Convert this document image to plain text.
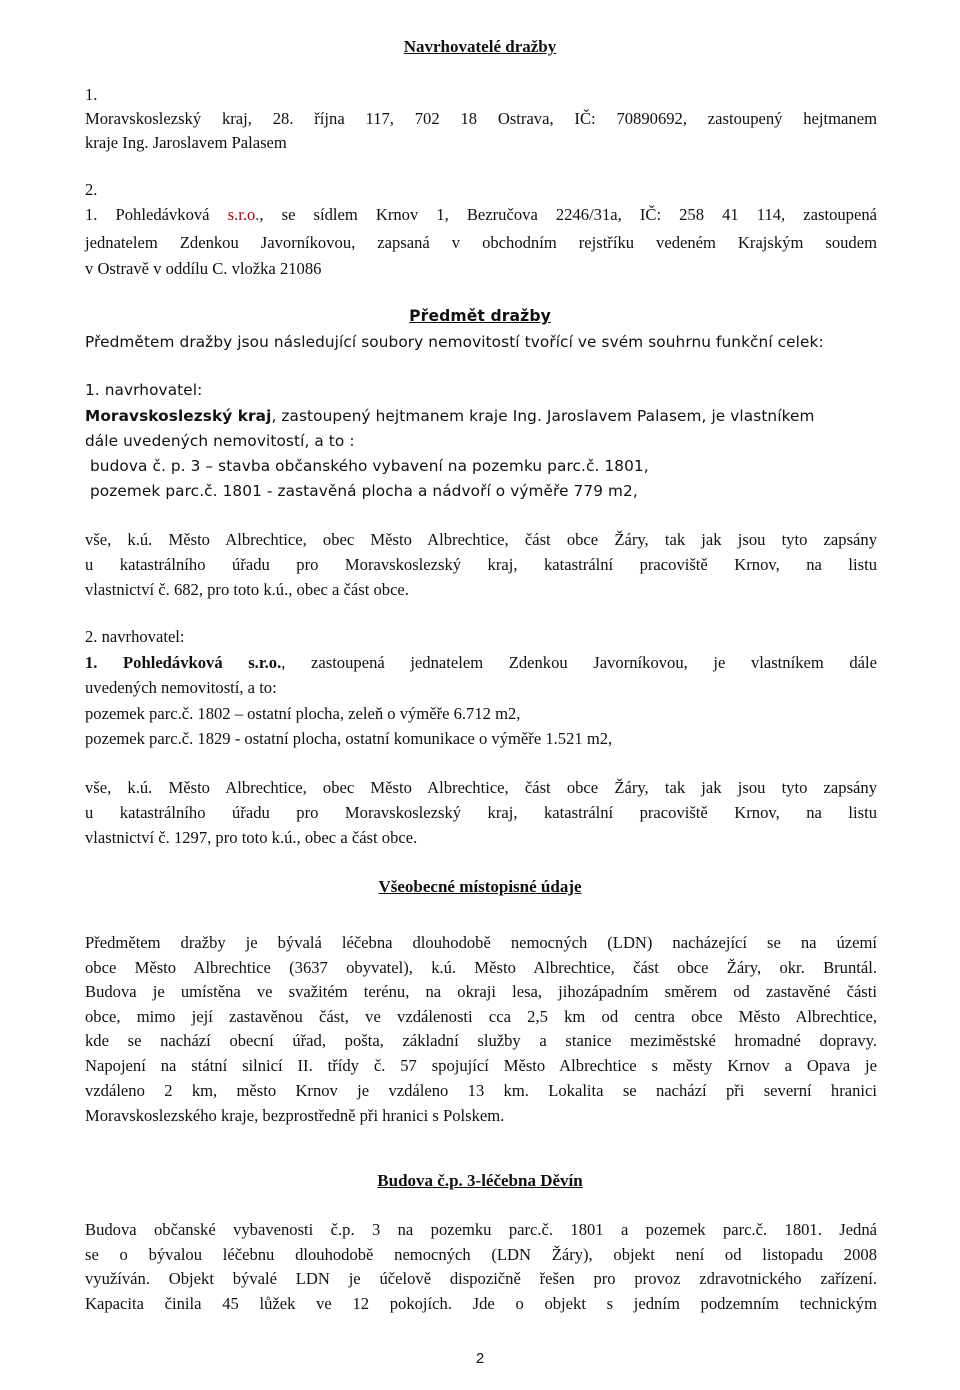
Navrhovatelé dražby
1.
Moravskoslezský kraj, 28. října 117, 702 18 Ostrava, IČ: 70890692, zastoupený hejtmanem
kraje Ing. Jaroslavem Palasem
2.
1. Pohledávková s.r.o., se sídlem Krnov 1, Bezručova 2246/31a, IČ: 258 41 114, zastoupená
jednatelem Zdenkou Javorníkovou, zapsaná v obchodním rejstříku vedeném Krajským soudem
v Ostravě v oddílu C. vložka 21086
Předmět dražby
Předmětem dražby jsou následující soubory nemovitostí tvořící ve svém souhrnu funkční celek:
1. navrhovatel:
Moravskoslezský kraj, zastoupený hejtmanem kraje Ing. Jaroslavem Palasem, je vlastníkem
dále uvedených nemovitostí, a to :
budova č. p. 3 – stavba občanského vybavení na pozemku parc.č. 1801,
pozemek parc.č. 1801 - zastavěná plocha a nádvoří o výměře 779 m2,
vše, k.ú. Město Albrechtice, obec Město Albrechtice, část obce Žáry, tak jak jsou tyto zapsány
u katastrálního úřadu pro Moravskoslezský kraj, katastrální pracoviště Krnov, na listu
vlastnictví č. 682, pro toto k.ú., obec a část obce.
2. navrhovatel:
1. Pohledávková s.r.o., zastoupená jednatelem Zdenkou Javorníkovou, je vlastníkem dále
uvedených nemovitostí, a to:
pozemek parc.č. 1802 – ostatní plocha, zeleň o výměře 6.712 m2,
pozemek parc.č. 1829 - ostatní plocha, ostatní komunikace o výměře 1.521 m2,
vše, k.ú. Město Albrechtice, obec Město Albrechtice, část obce Žáry, tak jak jsou tyto zapsány
u katastrálního úřadu pro Moravskoslezský kraj, katastrální pracoviště Krnov, na listu
vlastnictví č. 1297, pro toto k.ú., obec a část obce.
Všeobecné místopisné údaje
Předmětem dražby je bývalá léčebna dlouhodobě nemocných (LDN) nacházející se na území
obce Město Albrechtice (3637 obyvatel), k.ú. Město Albrechtice, část obce Žáry, okr. Bruntál.
Budova je umístěna ve svažitém terénu, na okraji lesa, jihozápadním směrem od zastavěné části
obce, mimo její zastavěnou část, ve vzdálenosti cca 2,5 km od centra obce Město Albrechtice,
kde se nachází obecní úřad, pošta, základní služby a stanice meziměstské hromadné dopravy.
Napojení na státní silnicí II. třídy č. 57 spojující Město Albrechtice s městy Krnov a Opava je
vzdáleno 2 km, město Krnov je vzdáleno 13 km. Lokalita se nachází při severní hranici
Moravskoslezského kraje, bezprostředně při hranici s Polskem.
Budova č.p. 3-léčebna Děvín
Budova občanské vybavenosti č.p. 3 na pozemku parc.č. 1801 a pozemek parc.č. 1801. Jedná
se o bývalou léčebnu dlouhodobě nemocných (LDN Žáry), objekt není od listopadu 2008
využíván. Objekt bývalé LDN je účelově dispozičně řešen pro provoz zdravotnického zařízení.
Kapacita činila 45 lůžek ve 12 pokojích. Jde o objekt s jedním podzemním technickým
2
